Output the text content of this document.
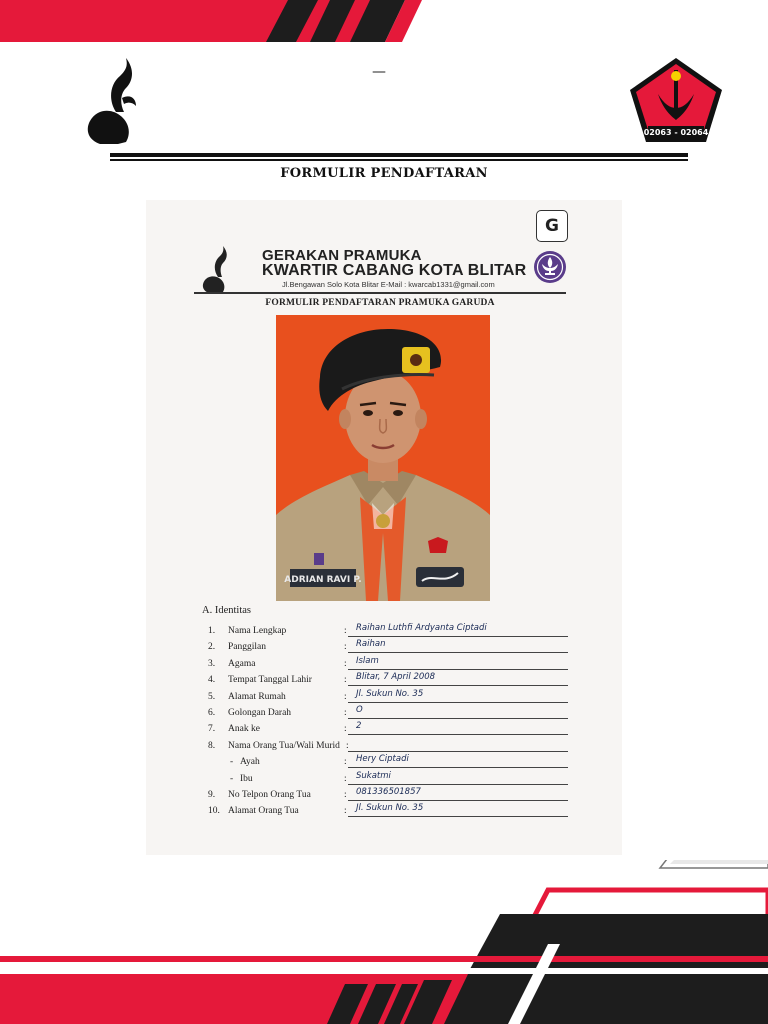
—
02063 - 02064
FORMULIR PENDAFTARAN
G
GERAKAN PRAMUKA
KWARTIR CABANG KOTA BLITAR
Jl.Bengawan Solo Kota Blitar E-Mail : kwarcab1331@gmail.com
FORMULIR PENDAFTARAN PRAMUKA GARUDA
ADRIAN RAVI P.
A. Identitas
1. Nama Lengkap	: Raihan Luthfi Ardyanta Ciptadi
2. Panggilan	: Raihan
3. Agama	: Islam
4. Tempat Tanggal Lahir	: Blitar, 7 April 2008
5. Alamat Rumah	: Jl. Sukun No. 35
6. Golongan Darah	: O
7. Anak ke	: 2
8. Nama Orang Tua/Wali Murid :
- Ayah	: Hery Ciptadi
- Ibu	: Sukatmi
9. No Telpon Orang Tua	: 081336501857
10. Alamat Orang Tua	: Jl. Sukun No. 35
